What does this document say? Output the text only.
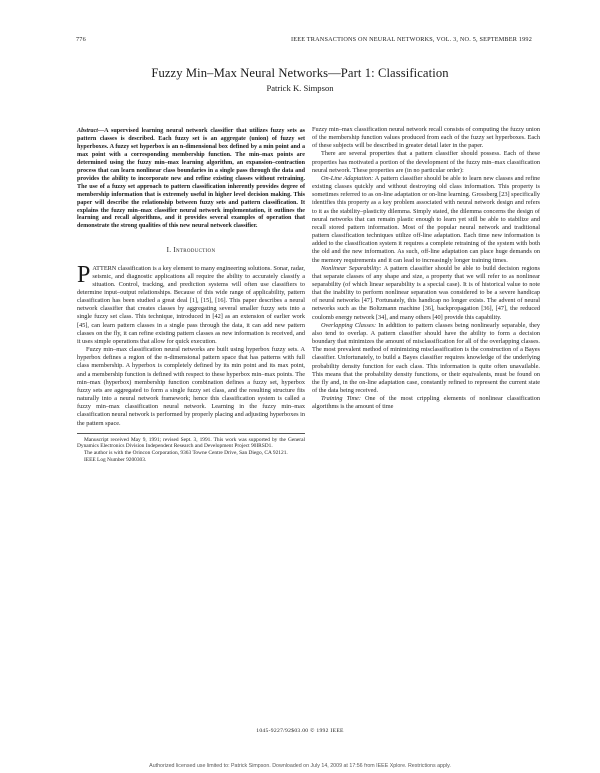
776	IEEE TRANSACTIONS ON NEURAL NETWORKS, VOL. 3, NO. 5, SEPTEMBER 1992
Fuzzy Min–Max Neural Networks—Part 1: Classification
Patrick K. Simpson
Abstract—A supervised learning neural network classifier that utilizes fuzzy sets as pattern classes is described. Each fuzzy set is an aggregate (union) of fuzzy set hyperboxes. A fuzzy set hyperbox is an n-dimensional box defined by a min point and a max point with a corresponding membership function. The min–max points are determined using the fuzzy min–max learning algorithm, an expansion–contraction process that can learn nonlinear class boundaries in a single pass through the data and provides the ability to incorporate new and refine existing classes without retraining. The use of a fuzzy set approach to pattern classification inherently provides degree of membership information that is extremely useful in higher level decision making. This paper will describe the relationship between fuzzy sets and pattern classification. It explains the fuzzy min–max classifier neural network implementation, it outlines the learning and recall algorithms, and it provides several examples of operation that demonstrate the strong qualities of this new neural network classifier.
I. Introduction

PATTERN classification is a key element to many engineering solutions. Sonar, radar, seismic, and diagnostic applications all require the ability to accurately classify a situation. Control, tracking, and prediction systems will often use classifiers to determine input–output relationships. Because of this wide range of applicability, pattern classification has been studied a great deal [1], [15], [16]. This paper describes a neural network classifier that creates classes by aggregating several smaller fuzzy sets into a single fuzzy set class. This technique, introduced in [42] as an extension of earlier work [45], can learn pattern classes in a single pass through the data, it can add new pattern classes on the fly, it can refine existing pattern classes as new information is received, and it uses simple operations that allow for quick execution.

Fuzzy min–max classification neural networks are built using hyperbox fuzzy sets. A hyperbox defines a region of the n-dimensional pattern space that has patterns with full class membership. A hyperbox is completely defined by its min point and its max point, and a membership function is defined with respect to these hyperbox min–max points. The min–max (hyperbox) membership function combination defines a fuzzy set, hyperbox fuzzy sets are aggregated to form a single fuzzy set class, and the resulting structure fits naturally into a neural network framework; hence this classification system is called a fuzzy min–max classification neural network. Learning in the fuzzy min–max classification neural network is performed by properly placing and adjusting hyperboxes in the pattern space.

Manuscript received May 9, 1991; revised Sept. 3, 1991. This work was supported by the General Dynamics Electronics Division Independent Research and Development Project 90IRSD1.

The author is with the Orincon Corporation, 9363 Towne Centre Drive, San Diego, CA 92121.

IEEE Log Number 9200303.

Fuzzy min–max classification neural network recall consists of computing the fuzzy union of the membership function values produced from each of the fuzzy set hyperboxes. Each of these subjects will be described in greater detail later in the paper.

There are several properties that a pattern classifier should possess. Each of these properties has motivated a portion of the development of the fuzzy min–max classification neural network. These properties are (in no particular order):

On-Line Adaptation: A pattern classifier should be able to learn new classes and refine existing classes quickly and without destroying old class information. This property is sometimes referred to as on-line adaptation or on-line learning. Grossberg [23] specifically identifies this property as a key problem associated with neural network design and refers to it as the stability–plasticity dilemma. Simply stated, the dilemma concerns the design of neural networks that can remain plastic enough to learn yet still be able to stabilize and recall stored pattern information. Most of the popular neural network and traditional pattern classification techniques utilize off-line adaptation. Each time new information is added to the classification system it requires a complete retraining of the system with both the old and the new information. As such, off-line adaptation can place huge demands on the memory requirements and it can lead to increasingly longer training times.

Nonlinear Separability: A pattern classifier should be able to build decision regions that separate classes of any shape and size, a property that we will refer to as nonlinear separability (of which linear separability is a special case). It is of historical value to note that the inability to perform nonlinear separation was considered to be a severe handicap of neural networks [47]. Fortunately, this handicap no longer exists. The advent of neural networks such as the Boltzmann machine [36], backpropagation [36], [47], the reduced coulomb energy network [34], and many others [40] provide this capability.

Overlapping Classes: In addition to pattern classes being nonlinearly separable, they also tend to overlap. A pattern classifier should have the ability to form a decision boundary that minimizes the amount of misclassification for all of the overlapping classes. The most prevalent method of minimizing misclassification is the construction of a Bayes classifier. Unfortunately, to build a Bayes classifier requires knowledge of the underlying probability density function for each class. This information is quite often unavailable. This means that the probability density functions, or their equivalents, must be found on the fly and, in the on-line adaptation case, constantly refined to represent the current state of the data being received.

Training Time: One of the most crippling elements of nonlinear classification algorithms is the amount of time

1045-9227/92$03.00 © 1992 IEEE
Authorized licensed use limited to: Patrick Simpson. Downloaded on July 14, 2009 at 17:56 from IEEE Xplore. Restrictions apply.
